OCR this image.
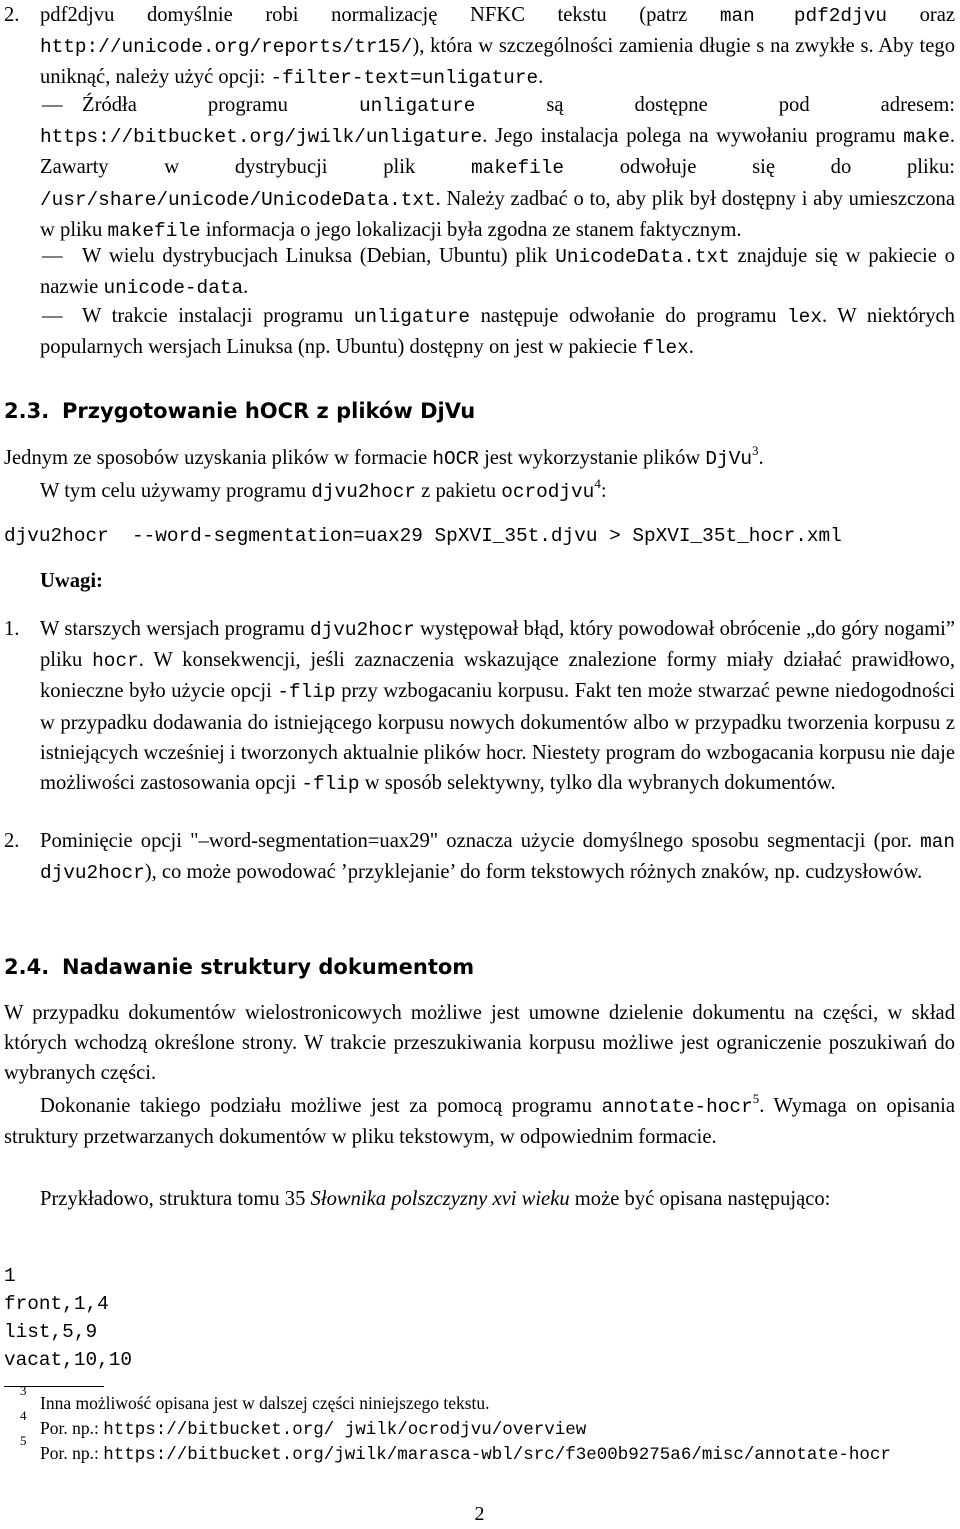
2. pdf2djvu domyślnie robi normalizację NFKC tekstu (patrz man pdf2djvu oraz http://unicode.org/reports/tr15/), która w szczególności zamienia długie s na zwykłe s. Aby tego uniknąć, należy użyć opcji: -filter-text=unligature.
— Źródła programu unligature są dostępne pod adresem: https://bitbucket.org/jwilk/unligature. Jego instalacja polega na wywołaniu programu make. Zawarty w dystrybucji plik makefile odwołuje się do pliku: /usr/share/unicode/UnicodeData.txt. Należy zadbać o to, aby plik był dostępny i aby umieszczona w pliku makefile informacja o jego lokalizacji była zgodna ze stanem faktycznym.
— W wielu dystrybucjach Linuksa (Debian, Ubuntu) plik UnicodeData.txt znajduje się w pakiecie o nazwie unicode-data.
— W trakcie instalacji programu unligature następuje odwołanie do programu lex. W niektórych popularnych wersjach Linuksa (np. Ubuntu) dostępny on jest w pakiecie flex.
2.3. Przygotowanie hOCR z plików DjVu
Jednym ze sposobów uzyskania plików w formacie hOCR jest wykorzystanie plików DjVu$^3$.
W tym celu używamy programu djvu2hocr z pakietu ocrodjvu$^4$:
djvu2hocr  --word-segmentation=uax29 SpXVI_35t.djvu > SpXVI_35t_hocr.xml
Uwagi:
1. W starszych wersjach programu djvu2hocr występował błąd, który powodował obrócenie „do góry nogami” pliku hocr. W konsekwencji, jeśli zaznaczenia wskazujące znalezione formy miały działać prawidłowo, konieczne było użycie opcji -flip przy wzbogacaniu korpusu. Fakt ten może stwarzać pewne niedogodności w przypadku dodawania do istniejącego korpusu nowych dokumentów albo w przypadku tworzenia korpusu z istniejących wcześniej i tworzonych aktualnie plików hocr. Niestety program do wzbogacania korpusu nie daje możliwości zastosowania opcji -flip w sposób selektywny, tylko dla wybranych dokumentów.
2. Pominięcie opcji "–word-segmentation=uax29" oznacza użycie domyślnego sposobu segmentacji (por. man djvu2hocr), co może powodować ’przyklejanie’ do form tekstowych różnych znaków, np. cudzysłowów.
2.4. Nadawanie struktury dokumentom
W przypadku dokumentów wielostronicowych możliwe jest umowne dzielenie dokumentu na części, w skład których wchodzą określone strony. W trakcie przeszukiwania korpusu możliwe jest ograniczenie poszukiwań do wybranych części.
Dokonanie takiego podziału możliwe jest za pomocą programu annotate-hocr$^5$. Wymaga on opisania struktury przetwarzanych dokumentów w pliku tekstowym, w odpowiednim formacie.
Przykładowo, struktura tomu 35 Słownika polszczyzny xvi wieku może być opisana następująco:
1
front,1,4
list,5,9
vacat,10,10
3
Inna możliwość opisana jest w dalszej części niniejszego tekstu.
4
Por. np.: https://bitbucket.org/ jwilk/ocrodjvu/overview
5
Por. np.: https://bitbucket.org/jwilk/marasca-wbl/src/f3e00b9275a6/misc/annotate-hocr
2
